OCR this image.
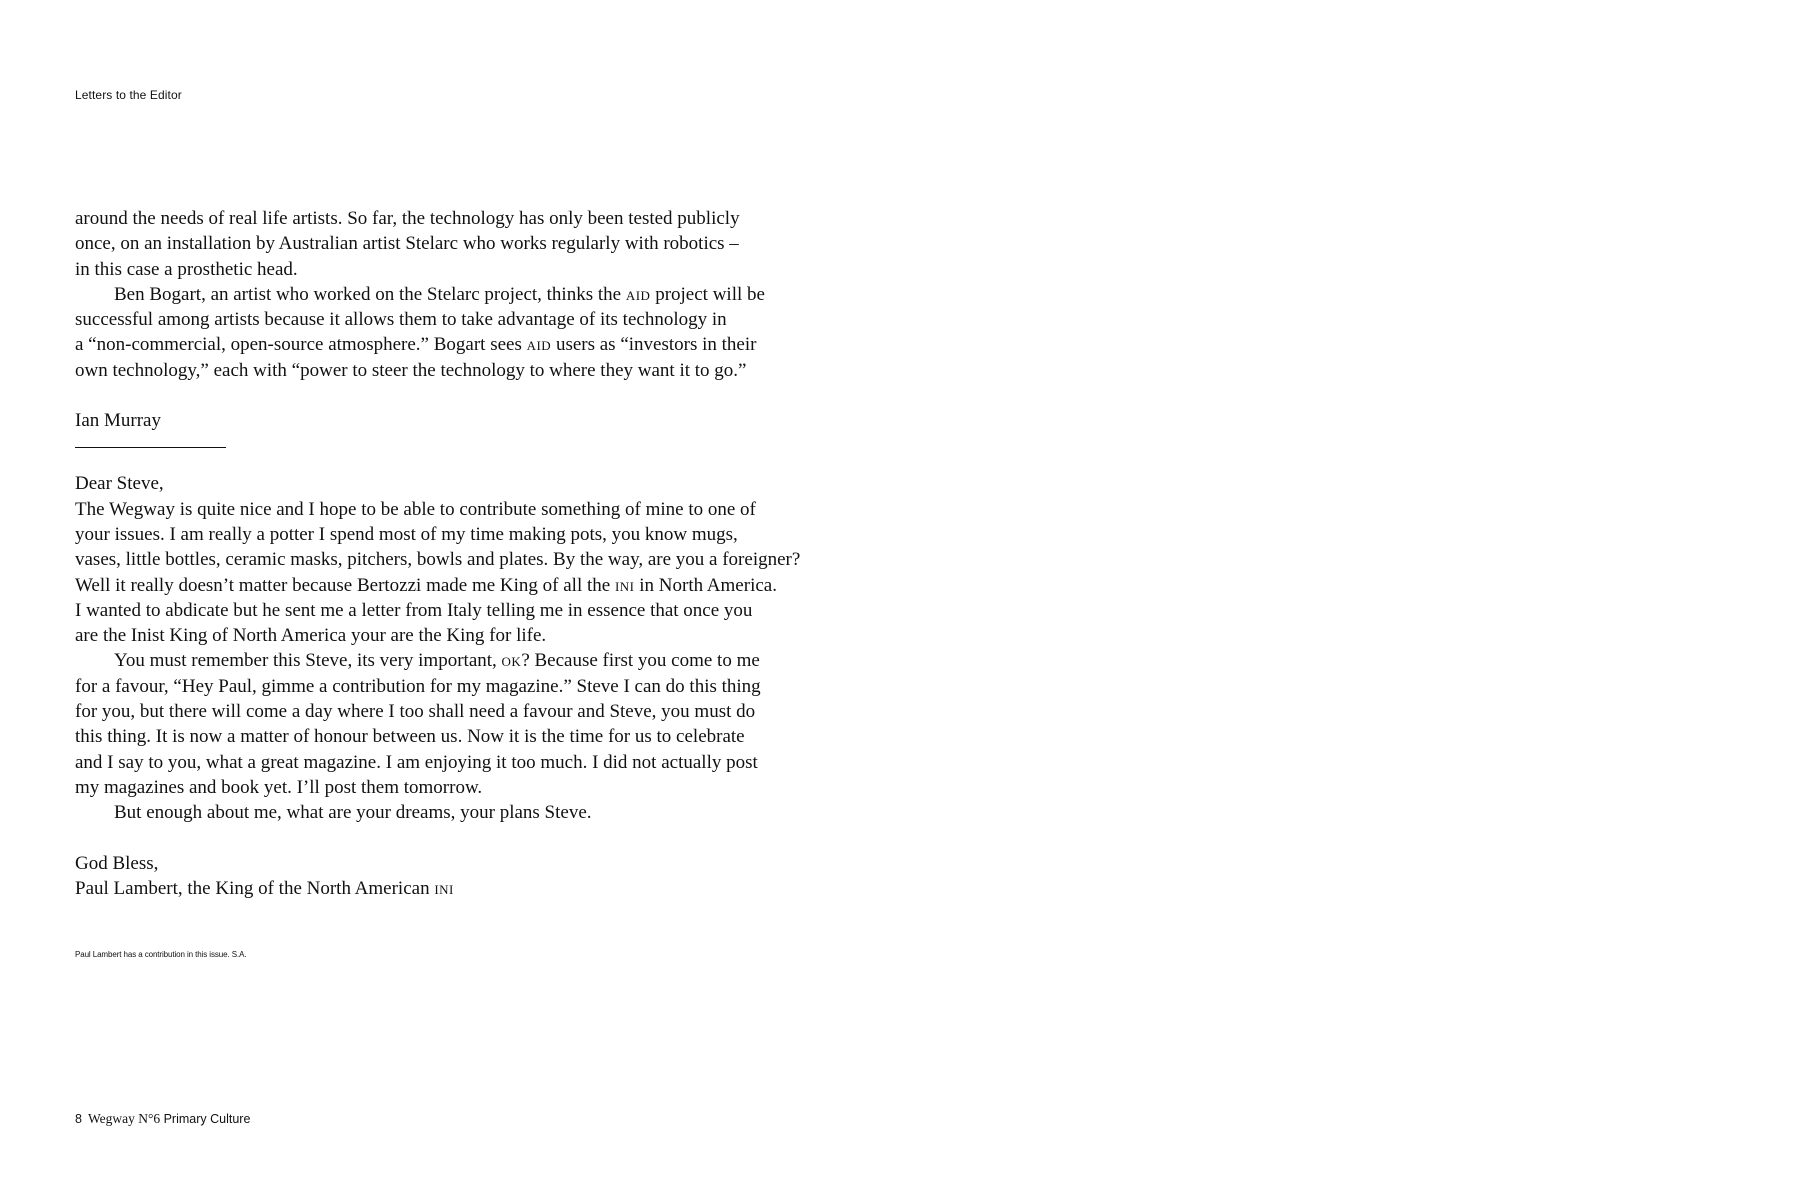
Letters to the Editor

around the needs of real life artists. So far, the technology has only been tested publicly
once, on an installation by Australian artist Stelarc who works regularly with robotics –
in this case a prosthetic head.

Ben Bogart, an artist who worked on the Stelarc project, thinks the aid project will be
successful among artists because it allows them to take advantage of its technology in
a “non-commercial, open-source atmosphere.” Bogart sees aid users as “investors in their
own technology,” each with “power to steer the technology to where they want it to go.”

Ian Murray

Dear Steve,

The Wegway is quite nice and I hope to be able to contribute something of mine to one of
your issues. I am really a potter I spend most of my time making pots, you know mugs,
vases, little bottles, ceramic masks, pitchers, bowls and plates. By the way, are you a foreigner?
Well it really doesn’t matter because Bertozzi made me King of all the ini in North America.
I wanted to abdicate but he sent me a letter from Italy telling me in essence that once you
are the Inist King of North America your are the King for life.

You must remember this Steve, its very important, ok? Because first you come to me
for a favour, “Hey Paul, gimme a contribution for my magazine.” Steve I can do this thing
for you, but there will come a day where I too shall need a favour and Steve, you must do
this thing. It is now a matter of honour between us. Now it is the time for us to celebrate
and I say to you, what a great magazine. I am enjoying it too much. I did not actually post
my magazines and book yet. I’ll post them tomorrow.

But enough about me, what are your dreams, your plans Steve.

God Bless,

Paul Lambert, the King of the North American ini

Paul Lambert has a contribution in this issue. S.A.
8 Wegway N°6 Primary Culture
